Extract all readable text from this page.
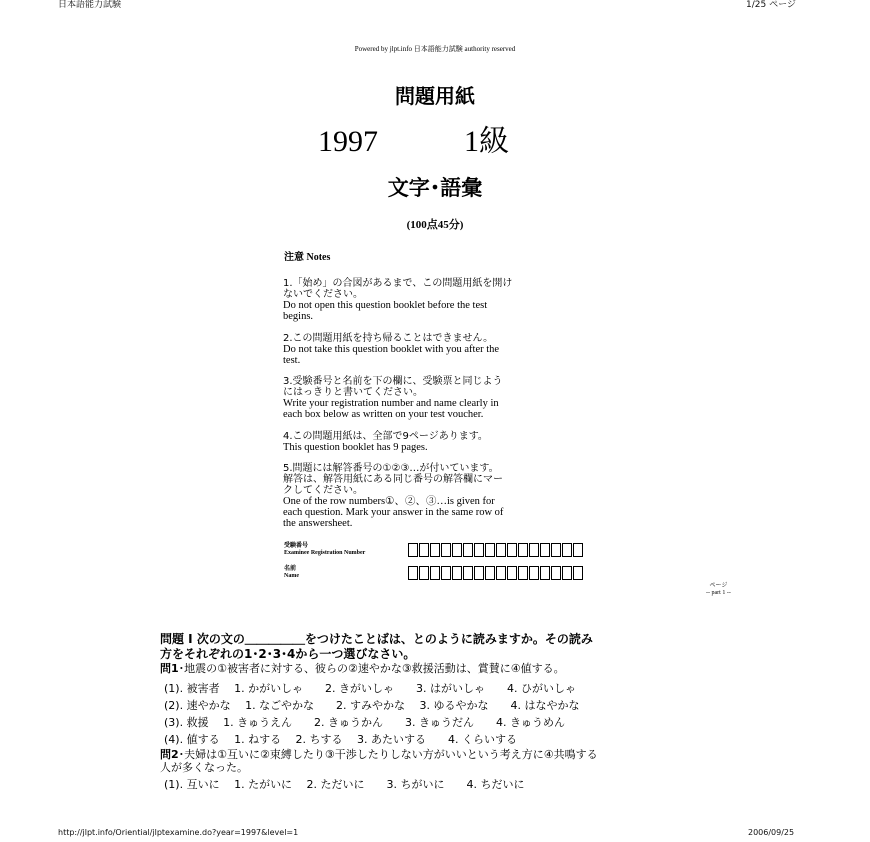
日本語能力試験	1/25 ページ
Powered by jlpt.info 日本語能力試験 authority reserved
問題用紙
1997	1級
文字･語彙
(100点45分)
注意 Notes
1.「始め」の合図があるまで、この問題用紙を開け
ないでください。
Do not open this question booklet before the test
begins.
2.この問題用紙を持ち帰ることはできません。
Do not take this question booklet with you after the
test.
3.受験番号と名前を下の欄に、受験票と同じよう
にはっきりと書いてください。
Write your registration number and name clearly in
each box below as written on your test voucher.
4.この問題用紙は、全部で9ページあります。
This question booklet has 9 pages.
5.問題には解答番号の①②③…が付いています。
解答は、解答用紙にある同じ番号の解答欄にマー
クしてください。
One of the row numbers①、②、③…is given for
each question. Mark your answer in the same row of
the answersheet.
受験番号
Examinee Registration Number
名前
Name
ページ
-- part 1 --
問題 I 次の文の＿＿＿＿＿をつけたことばは、とのように読みますか。その読み
方をそれぞれの1･2･3･4から一つ選びなさい。
問1･地震の①被害者に対する、彼らの②速やかな③救援活動は、賞賛に④値する。
(1). 被害者　 1. かがいしゃ　　2. きがいしゃ　　3. はがいしゃ　　4. ひがいしゃ
(2). 速やかな　 1. なごやかな　　2. すみやかな　 3. ゆるやかな　　4. はなやかな
(3). 救援　 1. きゅうえん　　2. きゅうかん　　3. きゅうだん　　4. きゅうめん
(4). 値する　 1. ねする　 2. ちする　 3. あたいする　　4. くらいする
問2･夫婦は①互いに②束縛したり③干渉したりしない方がいいという考え方に④共鳴する
人が多くなった。
(1). 互いに　 1. たがいに　 2. ただいに　　3. ちがいに　　4. ちだいに
http://jlpt.info/Oriential/jlptexamine.do?year=1997&level=1	2006/09/25
